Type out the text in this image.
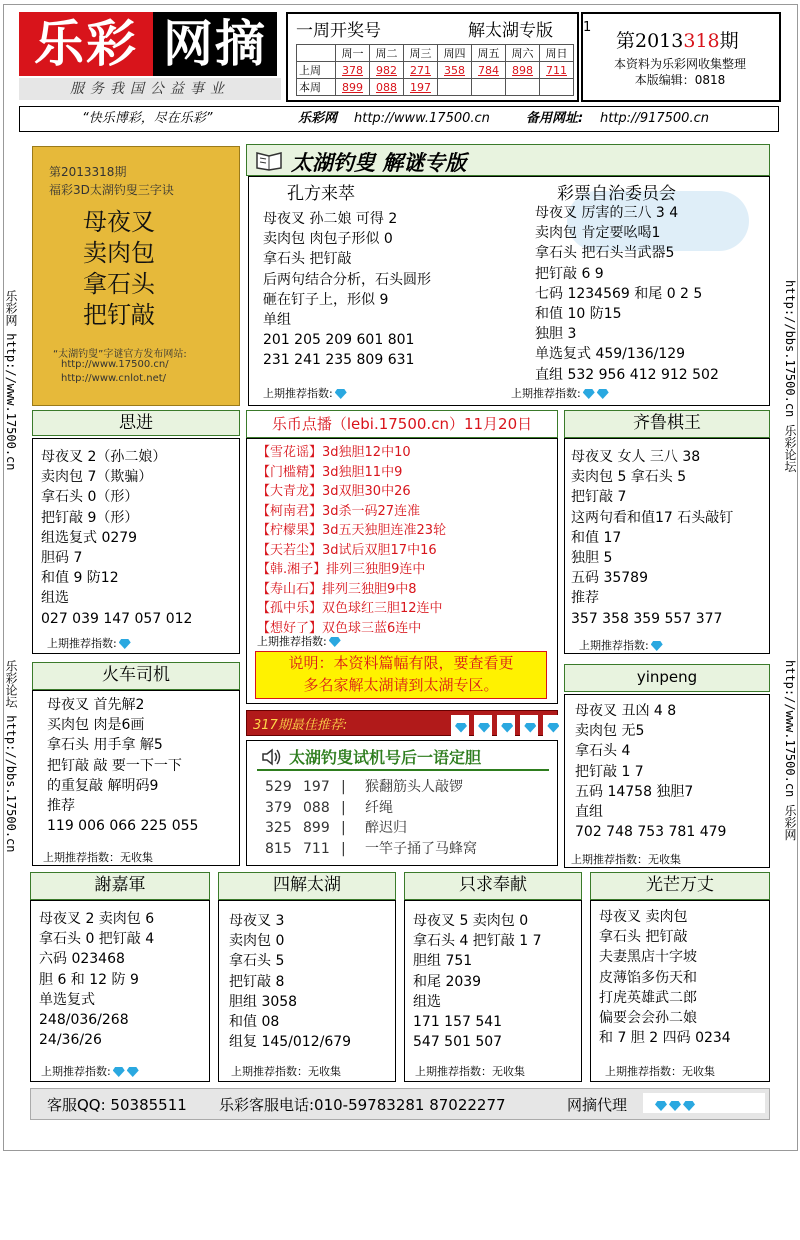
乐彩 网摘
服务我国公益事业
一周开奖号	解太湖专版 1
	周一	周二	周三	周四	周五	周六	周日
上周	378	982	271	358	784	898	711
本周	899	088	197				
第2013318期
本资料为乐彩网收集整理
本版编辑：0818
“快乐博彩，尽在乐彩”	乐彩网 http://www.17500.cn	备用网址: http://917500.cn
乐彩网 http://www.17500.cn
乐彩论坛 http://bbs.17500.cn
http://bbs.17500.cn 乐彩论坛
http://www.17500.cn 乐彩网
第2013318期
福彩3D太湖钓叟三字诀
母夜叉
卖肉包
拿石头
把钉敲
“太湖钓叟”字谜官方发布网站:
http://www.17500.cn/
http://www.cnlot.net/
太湖钓叟 解谜专版
孔方来萃
母夜叉 孙二娘 可得 2
卖肉包 肉包子形似 0
拿石头 把钉敲
后两句结合分析，石头圆形
砸在钉子上，形似 9
单组
201 205 209 601 801
231 241 235 809 631
上期推荐指数:
彩票自治委员会
母夜叉 厉害的三八 3 4
卖肉包 肯定要吆喝1
拿石头 把石头当武器5
把钉敲 6 9
七码 1234569 和尾 0 2 5
和值 10 防15
独胆 3
单选复式 459/136/129
直组 532 956 412 912 502
上期推荐指数:
思进
母夜叉 2（孙二娘）
卖肉包 7（欺骗）
拿石头 0（形）
把钉敲 9（形）
组选复式 0279
胆码 7
和值 9 防12
组选
027 039 147 057 012
上期推荐指数:
乐币点播（lebi.17500.cn）11月20日
【雪花谣】3d独胆12中10
【门槛精】3d独胆11中9
【大青龙】3d双胆30中26
【柯南君】3d杀一码27连准
【柠檬果】3d五天独胆连准23轮
【天若尘】3d试后双胆17中16
【韩.湘子】排列三独胆9连中
【寿山石】排列三独胆9中8
【孤中乐】双色球红三胆12连中
【想好了】双色球三蓝6连中
上期推荐指数:
说明：本资料篇幅有限，要查看更
多名家解太湖请到太湖专区。
齐鲁棋王
母夜叉 女人 三八 38
卖肉包 5 拿石头 5
把钉敲 7
这两句看和值17 石头敲钉
和值 17
独胆 5
五码 35789
推荐
357 358 359 557 377
上期推荐指数:
火车司机
母夜叉 首先解2
买肉包 肉是6画
拿石头 用手拿 解5
把钉敲 敲 要一下一下
的重复敲 解明码9
推荐
119 006 066 225 055
上期推荐指数：无收集
317期最佳推荐:

太湖钓叟试机号后一语定胆
529 197 | 猴翻筋头人敲锣
379 088 | 纤绳
325 899 | 醉迟归
815 711 | 一竿子捅了马蜂窝
yinpeng
母夜叉 丑凶 4 8
卖肉包 无5
拿石头 4
把钉敲 1 7
五码 14758 独胆7
直组
702 748 753 781 479
上期推荐指数：无收集
謝嘉軍
母夜叉 2 卖肉包 6
拿石头 0 把钉敲 4
六码 023468
胆 6 和 12 防 9
单选复式
248/036/268
24/36/26
上期推荐指数:
四解太湖
母夜叉 3
卖肉包 0
拿石头 5
把钉敲 8
胆组 3058
和值 08
组复 145/012/679
上期推荐指数：无收集
只求奉献
母夜叉 5 卖肉包 0
拿石头 4 把钉敲 1 7
胆组 751
和尾 2039
组选
171 157 541
547 501 507
上期推荐指数：无收集
光芒万丈
母夜叉 卖肉包
拿石头 把钉敲
夫妻黑店十字坡
皮薄馅多伤天和
打虎英雄武二郎
偏要会会孙二娘
和 7 胆 2 四码 0234
上期推荐指数：无收集
客服QQ: 50385511 乐彩客服电话:010-59783281 87022277	网摘代理
